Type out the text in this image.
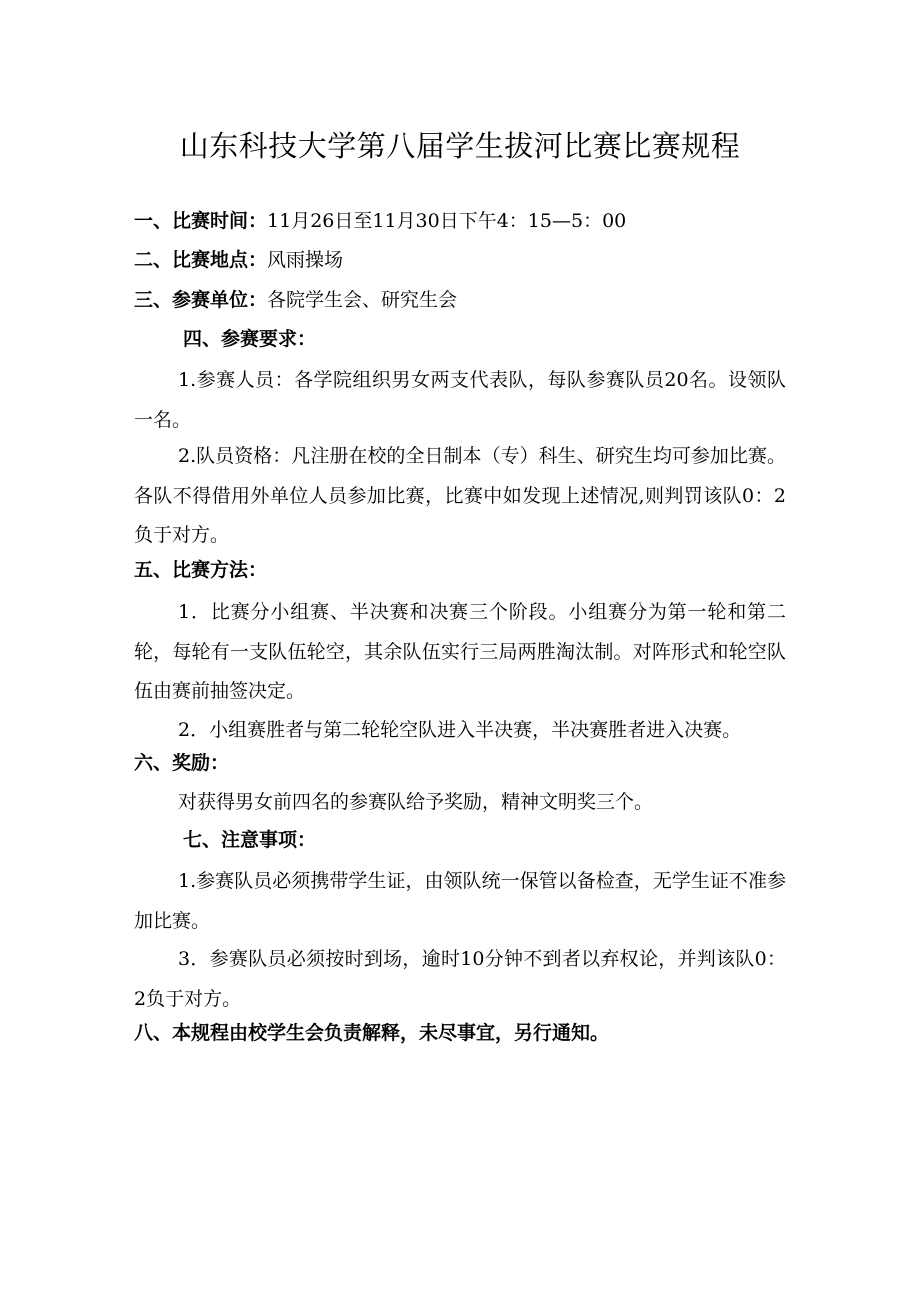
山东科技大学第八届学生拔河比赛比赛规程

一、比赛时间：11月26日至11月30日下午4：15—5：00

二、比赛地点：风雨操场

三、参赛单位：各院学生会、研究生会

四、参赛要求：

1.参赛人员：各学院组织男女两支代表队，每队参赛队员20名。设领队一名。

2.队员资格：凡注册在校的全日制本（专）科生、研究生均可参加比赛。各队不得借用外单位人员参加比赛，比赛中如发现上述情况,则判罚该队0：2负于对方。

五、比赛方法：

1．比赛分小组赛、半决赛和决赛三个阶段。小组赛分为第一轮和第二轮，每轮有一支队伍轮空，其余队伍实行三局两胜淘汰制。对阵形式和轮空队伍由赛前抽签决定。

2．小组赛胜者与第二轮轮空队进入半决赛，半决赛胜者进入决赛。

六、奖励：

对获得男女前四名的参赛队给予奖励，精神文明奖三个。

七、注意事项：

1.参赛队员必须携带学生证，由领队统一保管以备检查，无学生证不准参加比赛。

3．参赛队员必须按时到场，逾时10分钟不到者以弃权论，并判该队0：2负于对方。

八、本规程由校学生会负责解释，未尽事宜，另行通知。
